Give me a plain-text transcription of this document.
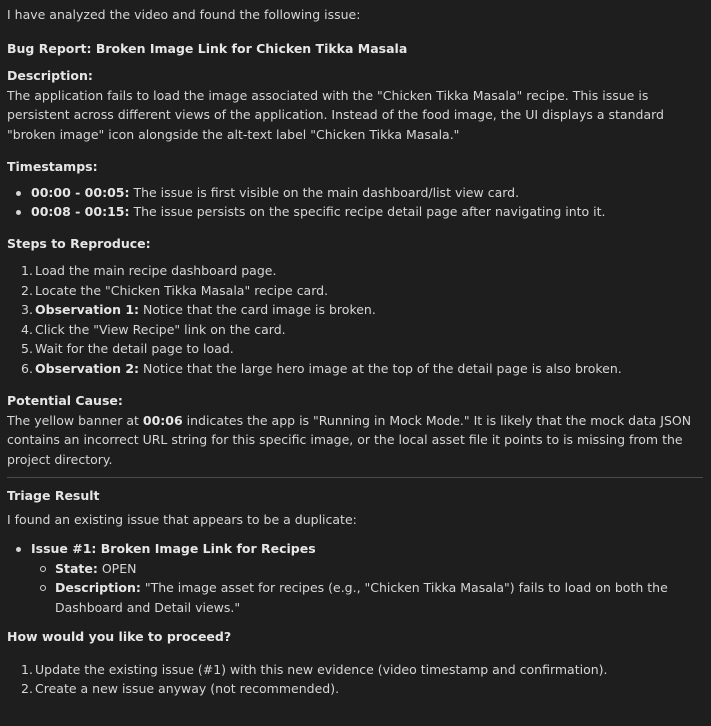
I have analyzed the video and found the following issue:

Bug Report: Broken Image Link for Chicken Tikka Masala

Description:

The application fails to load the image associated with the "Chicken Tikka Masala" recipe. This issue is persistent across different views of the application. Instead of the food image, the UI displays a standard "broken image" icon alongside the alt-text label "Chicken Tikka Masala."

Timestamps:

00:00 - 00:05: The issue is first visible on the main dashboard/list view card.
00:08 - 00:15: The issue persists on the specific recipe detail page after navigating into it.

Steps to Reproduce:

1. Load the main recipe dashboard page.
2. Locate the "Chicken Tikka Masala" recipe card.
3. Observation 1: Notice that the card image is broken.
4. Click the "View Recipe" link on the card.
5. Wait for the detail page to load.
6. Observation 2: Notice that the large hero image at the top of the detail page is also broken.

Potential Cause:

The yellow banner at 00:06 indicates the app is "Running in Mock Mode." It is likely that the mock data JSON contains an incorrect URL string for this specific image, or the local asset file it points to is missing from the project directory.

Triage Result

I found an existing issue that appears to be a duplicate:

Issue #1: Broken Image Link for Recipes
State: OPEN
Description: "The image asset for recipes (e.g., "Chicken Tikka Masala") fails to load on both the Dashboard and Detail views."

How would you like to proceed?

1. Update the existing issue (#1) with this new evidence (video timestamp and confirmation).
2. Create a new issue anyway (not recommended).
